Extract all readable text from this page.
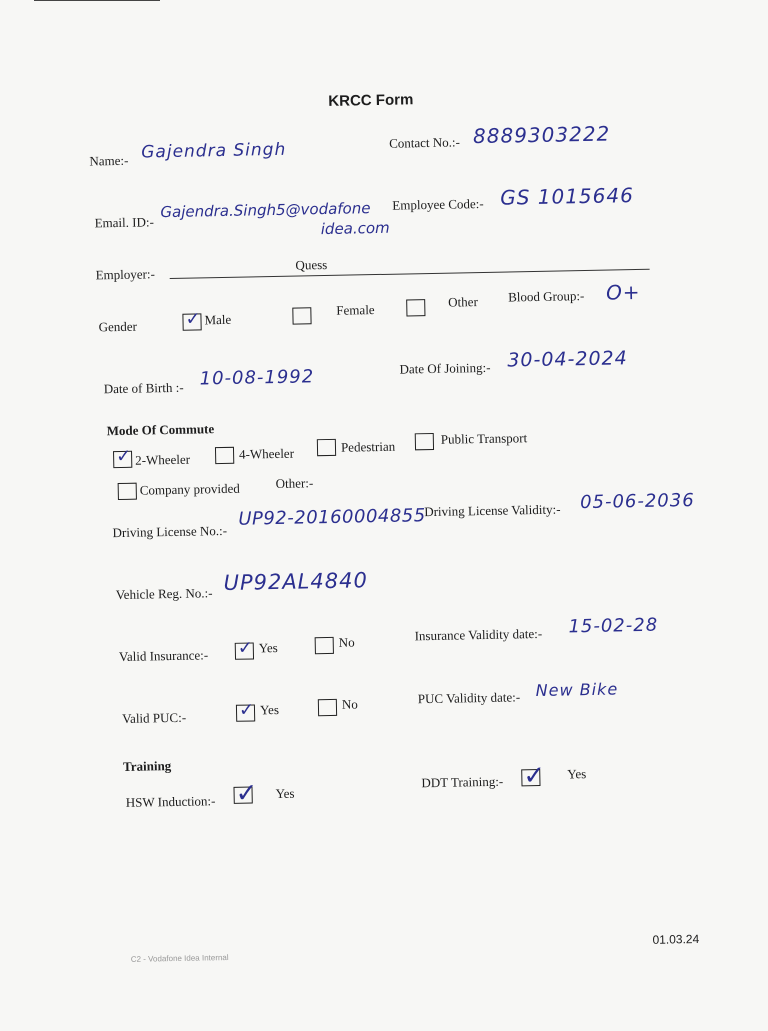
KRCC Form
Name:- Gajendra Singh	Contact No.:- 8889303222
Email. ID:-
Gajendra.Singh5@vodafone
idea.com
Employee Code:- GS 1015646
Employer:-
Quess
Gender	✓ Male
Female
Other Blood Group:- O+
Date of Birth :- 10-08-1992	Date Of Joining:- 30-04-2024
Mode Of Commute
✓ 2-Wheeler	4-Wheeler	Pedestrian	Public Transport
Company provided	Other:-
Driving License No.:-
UP92-20160004855
Driving License Validity:- 05-06-2036
Vehicle Reg. No.:- UP92AL4840
Valid Insurance:- ✓ Yes	No	Insurance Validity date:- 15-02-28
Valid PUC:-	✓ Yes	No	PUC Validity date:- New Bike
Training
HSW Induction:- ✓ Yes
DDT Training:- ✓ Yes
C2 - Vodafone Idea Internal
01.03.24
